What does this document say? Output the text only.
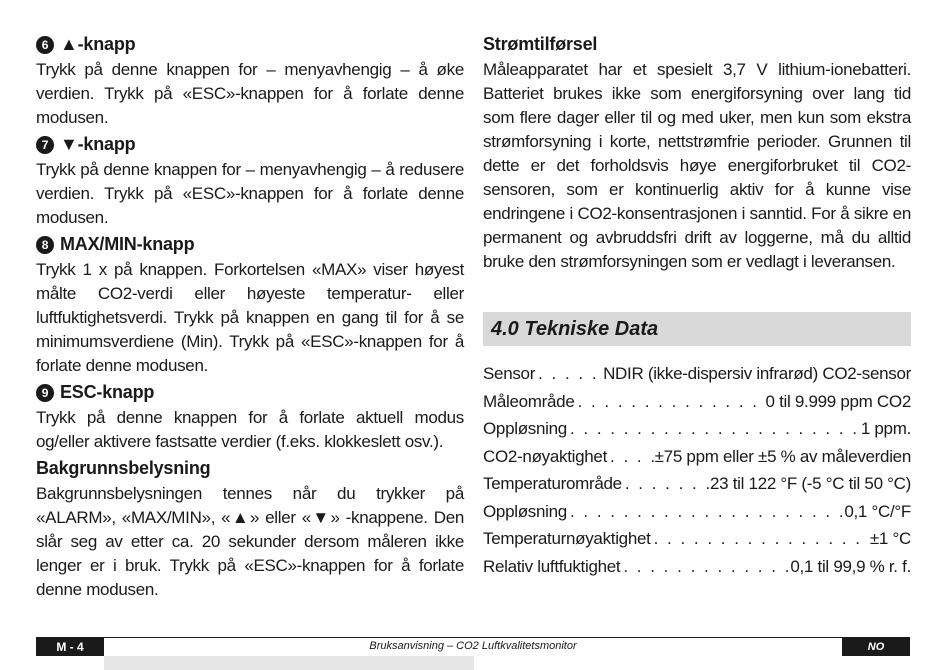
6 ▲-knapp

Trykk på denne knappen for – menyavhengig – å øke verdien. Trykk på «ESC»-knappen for å forlate denne modusen.

7 ▼-knapp

Trykk på denne knappen for – menyavhengig – å redusere verdien. Trykk på «ESC»-knappen for å forlate denne modusen.

8 MAX/MIN-knapp

Trykk 1 x på knappen. Forkortelsen «MAX» viser høyest målte CO2-verdi eller høyeste temperatur- eller luftfuktighetsverdi. Trykk på knappen en gang til for å se minimumsverdiene (Min). Trykk på «ESC»-knappen for å forlate denne modusen.

9 ESC-knapp

Trykk på denne knappen for å forlate aktuell modus og/eller aktivere fastsatte verdier (f.eks. klokkeslett osv.).

Bakgrunnsbelysning

Bakgrunnsbelysningen tennes når du trykker på «ALARM», «MAX/MIN», «▲» eller «▼» -knappene. Den slår seg av etter ca. 20 sekunder dersom måleren ikke lenger er i bruk. Trykk på «ESC»-knappen for å forlate denne modusen.

Strømtilførsel

Måleapparatet har et spesielt 3,7 V lithium-ionebatteri. Batteriet brukes ikke som energiforsyning over lang tid som flere dager eller til og med uker, men kun som ekstra strømforsyning i korte, nettstrømfrie perioder. Grunnen til dette er det forholdsvis høye energiforbruket til CO2-sensoren, som er kontinuerlig aktiv for å kunne vise endringene i CO2-konsentrasjonen i sanntid. For å sikre en permanent og avbruddsfri drift av loggerne, må du alltid bruke den strømforsyningen som er vedlagt i leveransen.

4.0 Tekniske Data
Sensor . . .	NDIR (ikke-dispersiv infrarød) CO2-sensor
Måleområde . . .	0 til 9.999 ppm CO2
Oppløsning . . .	1 ppm.
CO2-nøyaktighet . . .	±75 ppm eller ±5 % av måleverdien
Temperaturområde . . .	23 til 122 °F (-5 °C til 50 °C)
Oppløsning . . .	0,1 °C/°F
Temperaturnøyaktighet . . .	±1 °C
Relativ luftfuktighet . . .	0,1 til 99,9 % r. f.
M - 4	Bruksanvisning – CO2 Luftkvalitetsmonitor	NO
